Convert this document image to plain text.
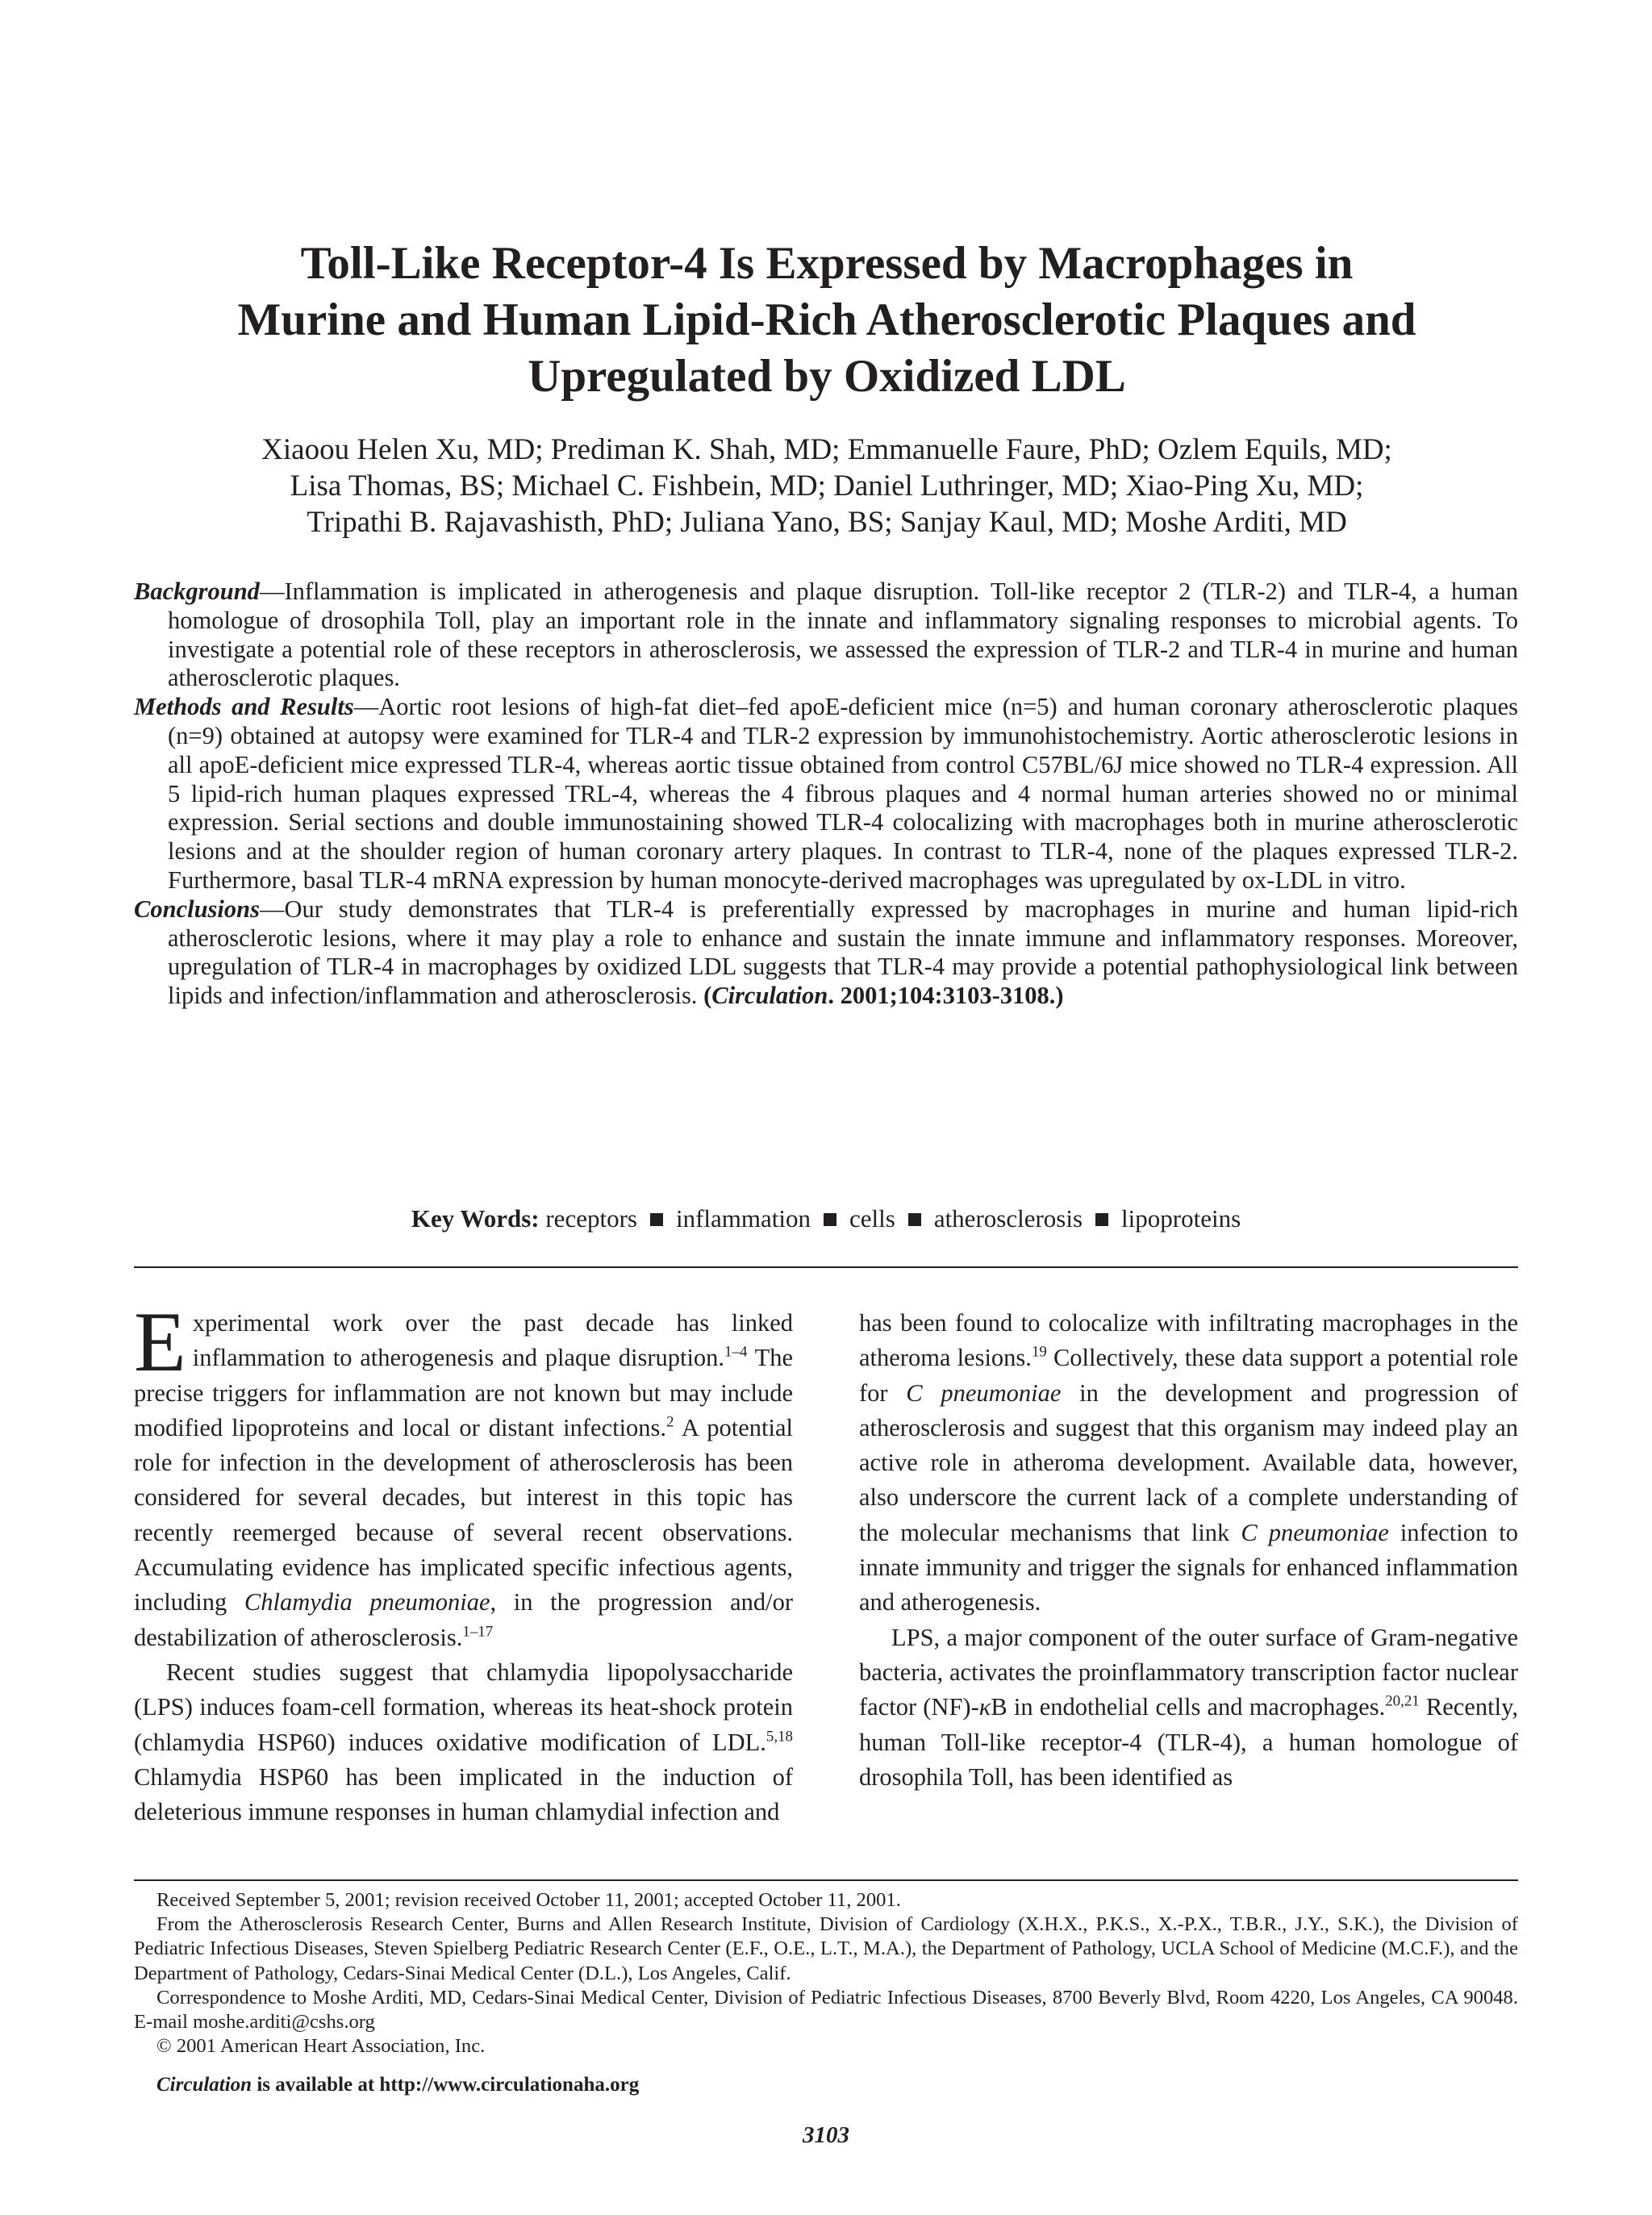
Toll-Like Receptor-4 Is Expressed by Macrophages in
Murine and Human Lipid-Rich Atherosclerotic Plaques and
Upregulated by Oxidized LDL
Xiaoou Helen Xu, MD; Prediman K. Shah, MD; Emmanuelle Faure, PhD; Ozlem Equils, MD;
Lisa Thomas, BS; Michael C. Fishbein, MD; Daniel Luthringer, MD; Xiao-Ping Xu, MD;
Tripathi B. Rajavashisth, PhD; Juliana Yano, BS; Sanjay Kaul, MD; Moshe Arditi, MD

Background—Inflammation is implicated in atherogenesis and plaque disruption. Toll-like receptor 2 (TLR-2) and TLR-4, a human homologue of drosophila Toll, play an important role in the innate and inflammatory signaling responses to microbial agents. To investigate a potential role of these receptors in atherosclerosis, we assessed the expression of TLR-2 and TLR-4 in murine and human atherosclerotic plaques.

Methods and Results—Aortic root lesions of high-fat diet–fed apoE-deficient mice (n=5) and human coronary atherosclerotic plaques (n=9) obtained at autopsy were examined for TLR-4 and TLR-2 expression by immunohistochemistry. Aortic atherosclerotic lesions in all apoE-deficient mice expressed TLR-4, whereas aortic tissue obtained from control C57BL/6J mice showed no TLR-4 expression. All 5 lipid-rich human plaques expressed TRL-4, whereas the 4 fibrous plaques and 4 normal human arteries showed no or minimal expression. Serial sections and double immunostaining showed TLR-4 colocalizing with macrophages both in murine atherosclerotic lesions and at the shoulder region of human coronary artery plaques. In contrast to TLR-4, none of the plaques expressed TLR-2. Furthermore, basal TLR-4 mRNA expression by human monocyte-derived macrophages was upregulated by ox-LDL in vitro.

Conclusions—Our study demonstrates that TLR-4 is preferentially expressed by macrophages in murine and human lipid-rich atherosclerotic lesions, where it may play a role to enhance and sustain the innate immune and inflammatory responses. Moreover, upregulation of TLR-4 in macrophages by oxidized LDL suggests that TLR-4 may provide a potential pathophysiological link between lipids and infection/inflammation and atherosclerosis. (Circulation. 2001;104:3103-3108.)

Key Words: receptors inflammation cells atherosclerosis lipoproteins

Experimental work over the past decade has linked inflammation to atherogenesis and plaque disruption.$^{1-4}$ The precise triggers for inflammation are not known but may include modified lipoproteins and local or distant infections.$^2$ A potential role for infection in the development of atherosclerosis has been considered for several decades, but interest in this topic has recently reemerged because of several recent observations. Accumulating evidence has implicated specific infectious agents, including Chlamydia pneumoniae, in the progression and/or destabilization of atherosclerosis.$^{1-17}$

Recent studies suggest that chlamydia lipopolysaccharide (LPS) induces foam-cell formation, whereas its heat-shock protein (chlamydia HSP60) induces oxidative modification of LDL.$^{5,18}$ Chlamydia HSP60 has been implicated in the induction of deleterious immune responses in human chlamydial infection and

has been found to colocalize with infiltrating macrophages in the atheroma lesions.$^{19}$ Collectively, these data support a potential role for C pneumoniae in the development and progression of atherosclerosis and suggest that this organism may indeed play an active role in atheroma development. Available data, however, also underscore the current lack of a complete understanding of the molecular mechanisms that link C pneumoniae infection to innate immunity and trigger the signals for enhanced inflammation and atherogenesis.

LPS, a major component of the outer surface of Gram-negative bacteria, activates the proinflammatory transcription factor nuclear factor (NF)-κB in endothelial cells and macrophages.$^{20,21}$ Recently, human Toll-like receptor-4 (TLR-4), a human homologue of drosophila Toll, has been identified as

Received September 5, 2001; revision received October 11, 2001; accepted October 11, 2001.

From the Atherosclerosis Research Center, Burns and Allen Research Institute, Division of Cardiology (X.H.X., P.K.S., X.-P.X., T.B.R., J.Y., S.K.), the Division of Pediatric Infectious Diseases, Steven Spielberg Pediatric Research Center (E.F., O.E., L.T., M.A.), the Department of Pathology, UCLA School of Medicine (M.C.F.), and the Department of Pathology, Cedars-Sinai Medical Center (D.L.), Los Angeles, Calif.

Correspondence to Moshe Arditi, MD, Cedars-Sinai Medical Center, Division of Pediatric Infectious Diseases, 8700 Beverly Blvd, Room 4220, Los Angeles, CA 90048. E-mail moshe.arditi@cshs.org

© 2001 American Heart Association, Inc.

Circulation is available at http://www.circulationaha.org
3103
